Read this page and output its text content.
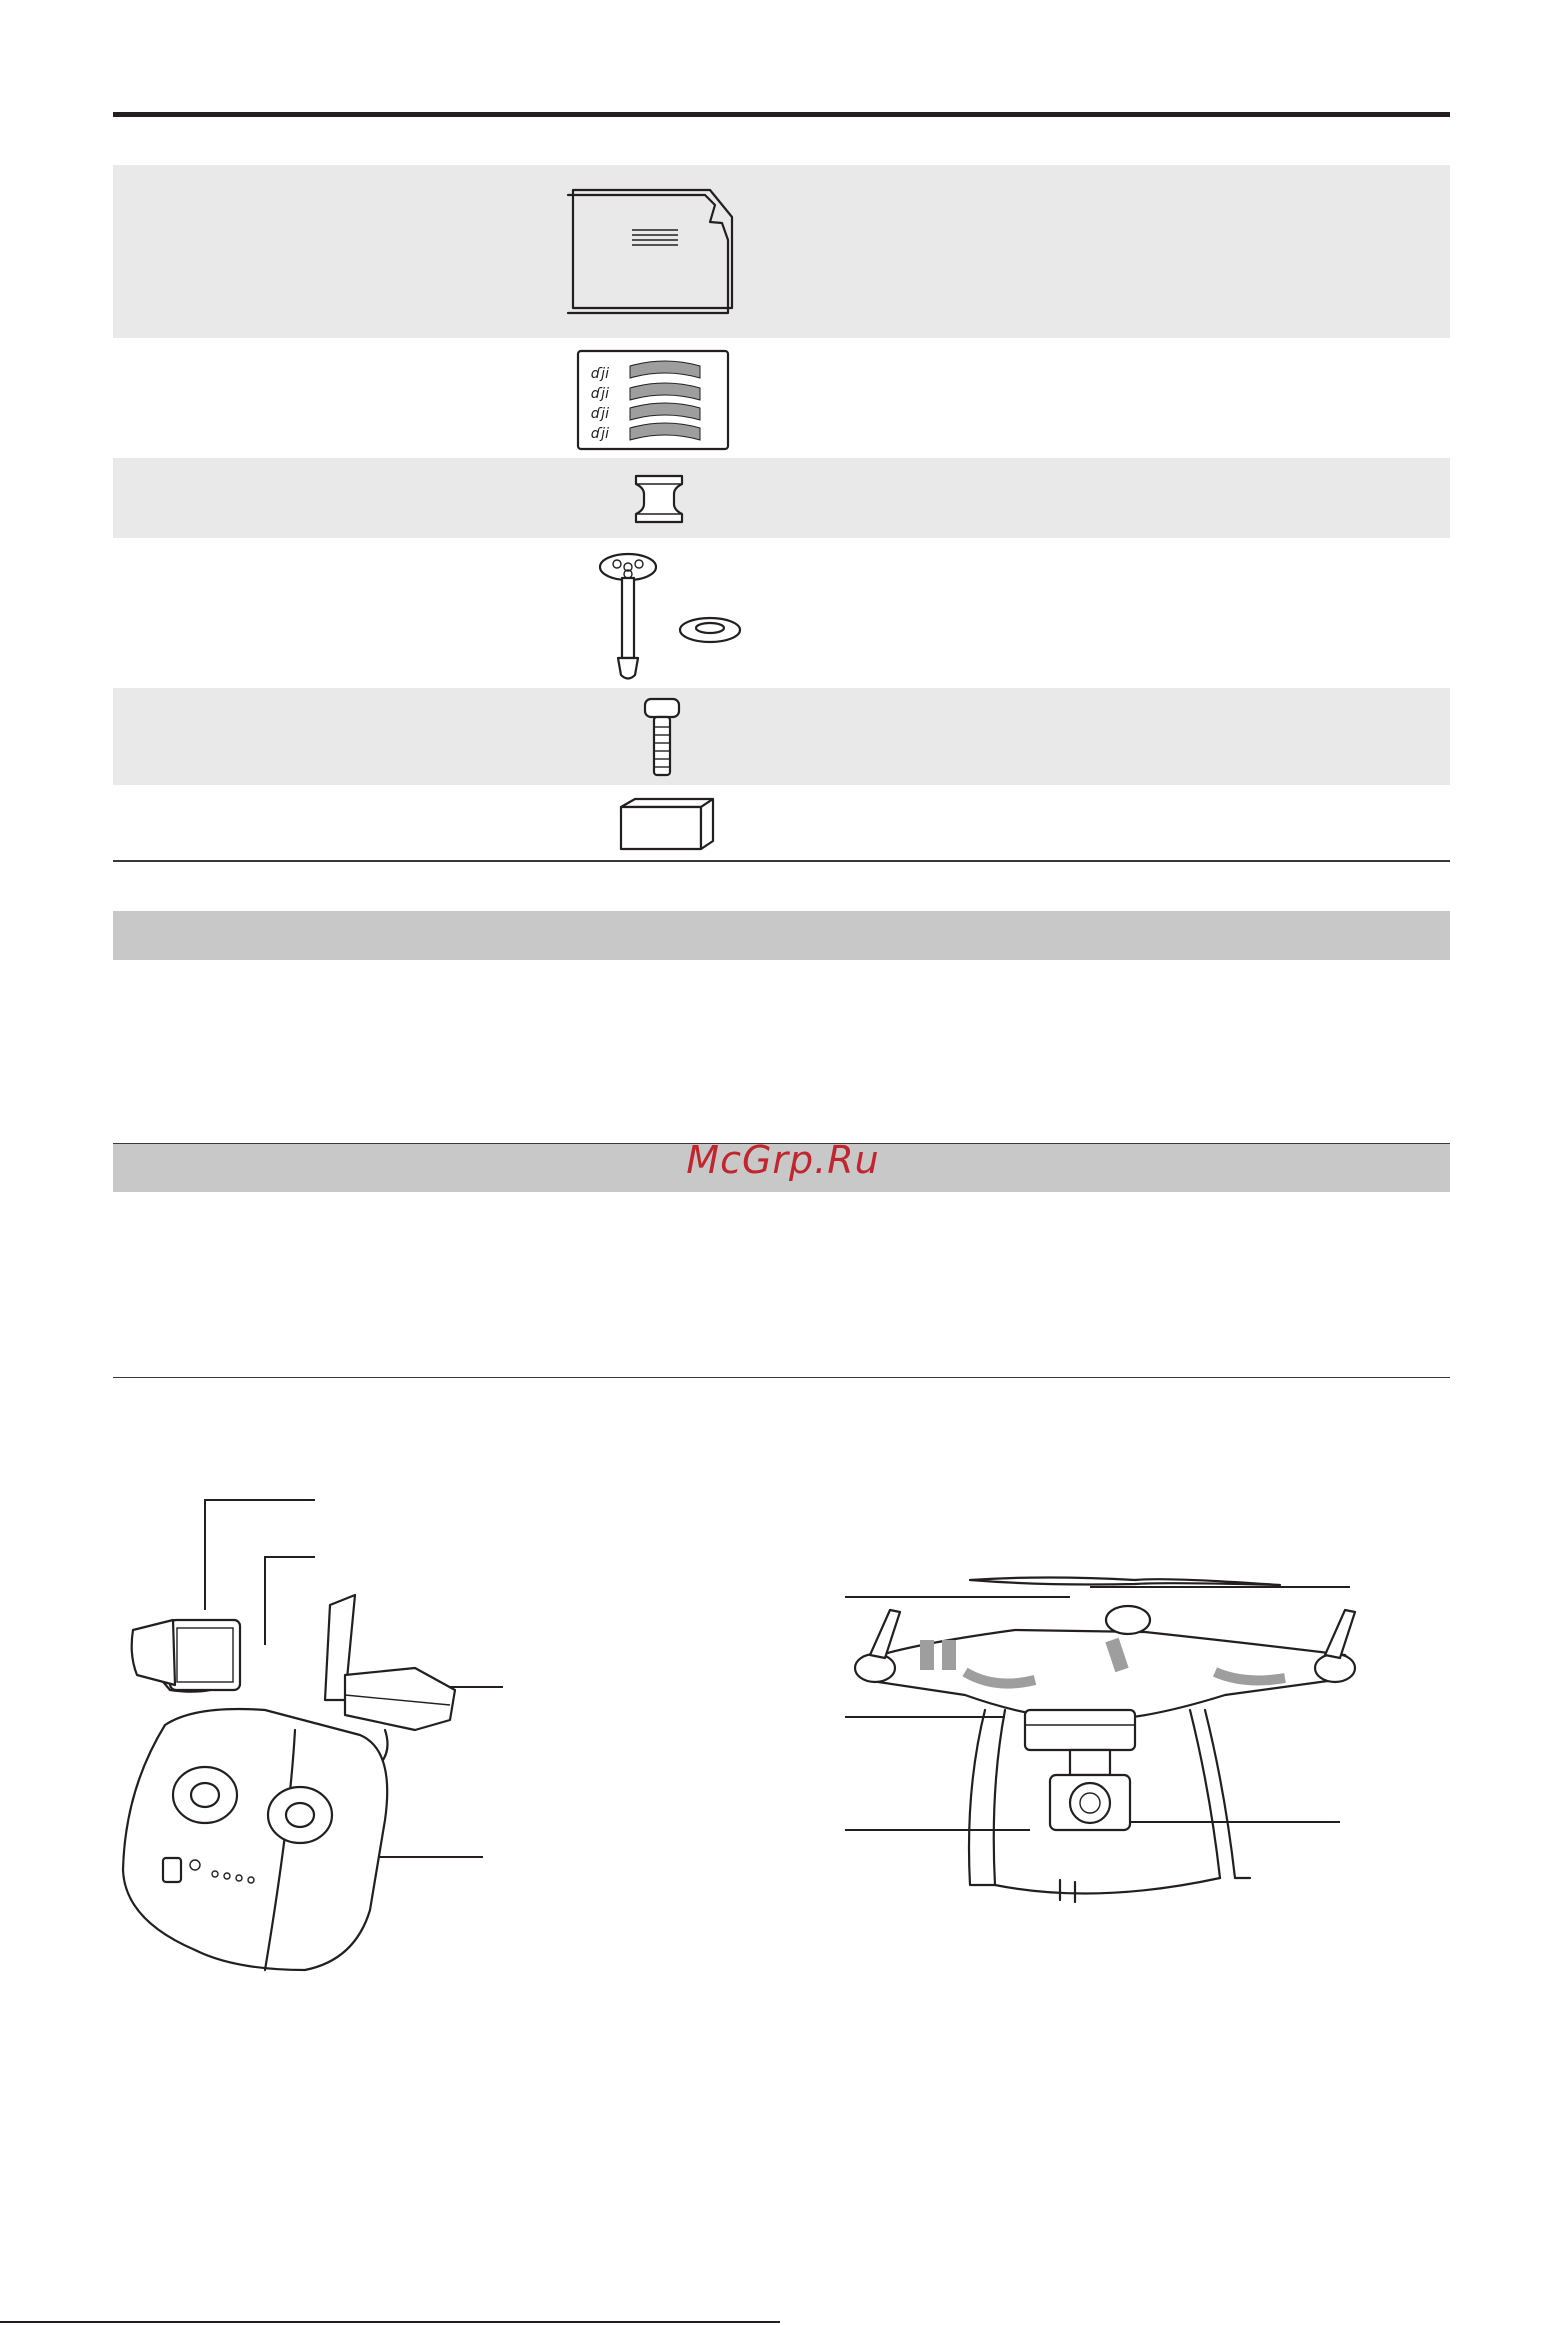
ɗji
ɗji
ɗji
ɗji
McGrp.Ru
